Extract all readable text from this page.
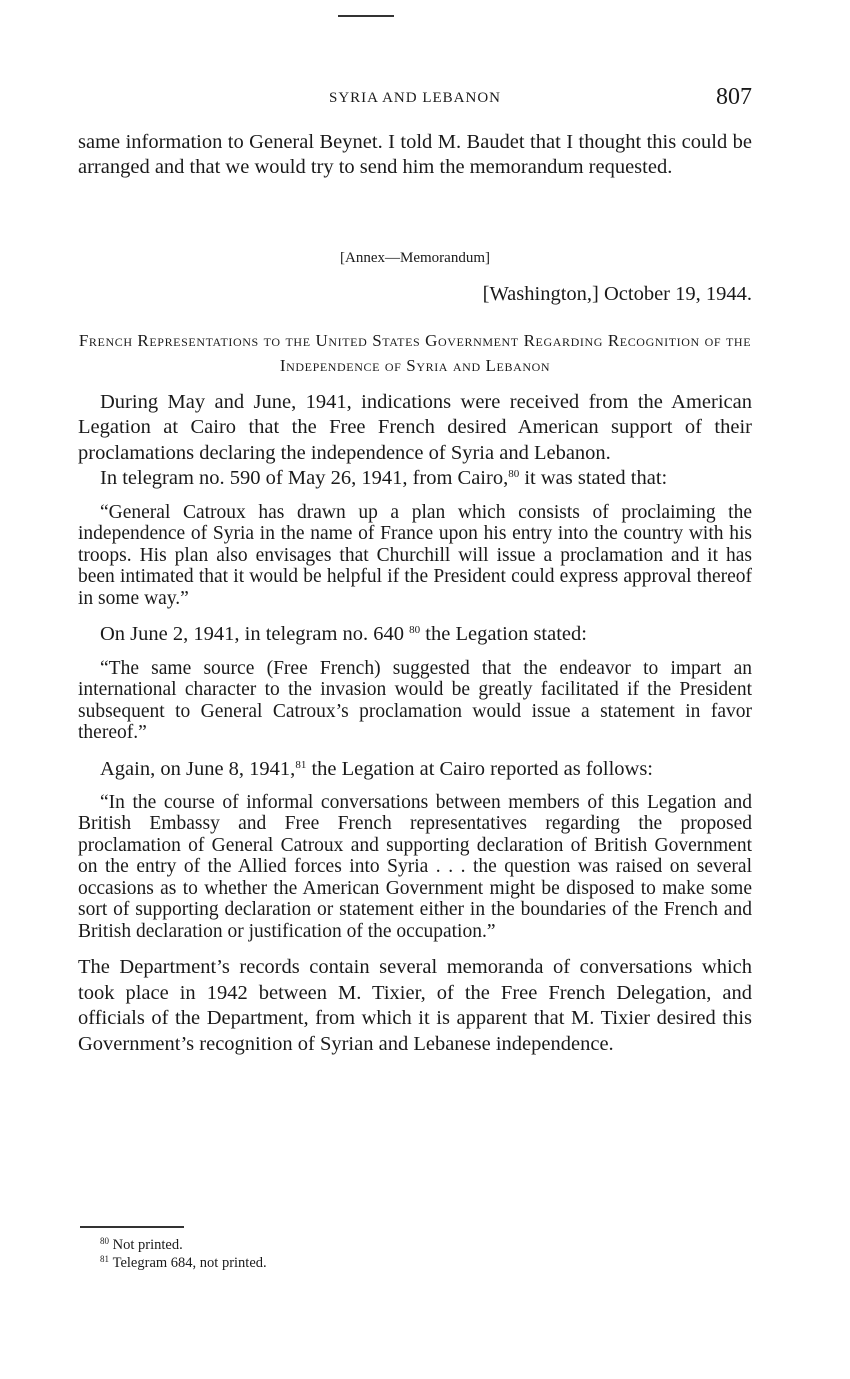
SYRIA AND LEBANON	807

same information to General Beynet. I told M. Baudet that I thought this could be arranged and that we would try to send him the memorandum requested.

[Annex—Memorandum]
[Washington,] October 19, 1944.
French Representations to the United States Government Regarding Recognition of the Independence of Syria and Lebanon

During May and June, 1941, indications were received from the American Legation at Cairo that the Free French desired American support of their proclamations declaring the independence of Syria and Lebanon.

In telegram no. 590 of May 26, 1941, from Cairo,$^{80}$ it was stated that:

“General Catroux has drawn up a plan which consists of proclaiming the independence of Syria in the name of France upon his entry into the country with his troops. His plan also envisages that Churchill will issue a proclamation and it has been intimated that it would be helpful if the President could express approval thereof in some way.”

On June 2, 1941, in telegram no. 640 $^{80}$ the Legation stated:

“The same source (Free French) suggested that the endeavor to impart an international character to the invasion would be greatly facilitated if the President subsequent to General Catroux’s proclamation would issue a statement in favor thereof.”

Again, on June 8, 1941,81 the Legation at Cairo reported as follows:

“In the course of informal conversations between members of this Legation and British Embassy and Free French representatives regarding the proposed proclamation of General Catroux and supporting declaration of British Government on the entry of the Allied forces into Syria . . . the question was raised on several occasions as to whether the American Government might be disposed to make some sort of supporting declaration or statement either in the boundaries of the French and British declaration or justification of the occupation.”

The Department’s records contain several memoranda of conversations which took place in 1942 between M. Tixier, of the Free French Delegation, and officials of the Department, from which it is apparent that M. Tixier desired this Government’s recognition of Syrian and Lebanese independence.

$^{80}$ Not printed.
$^{81}$ Telegram 684, not printed.
